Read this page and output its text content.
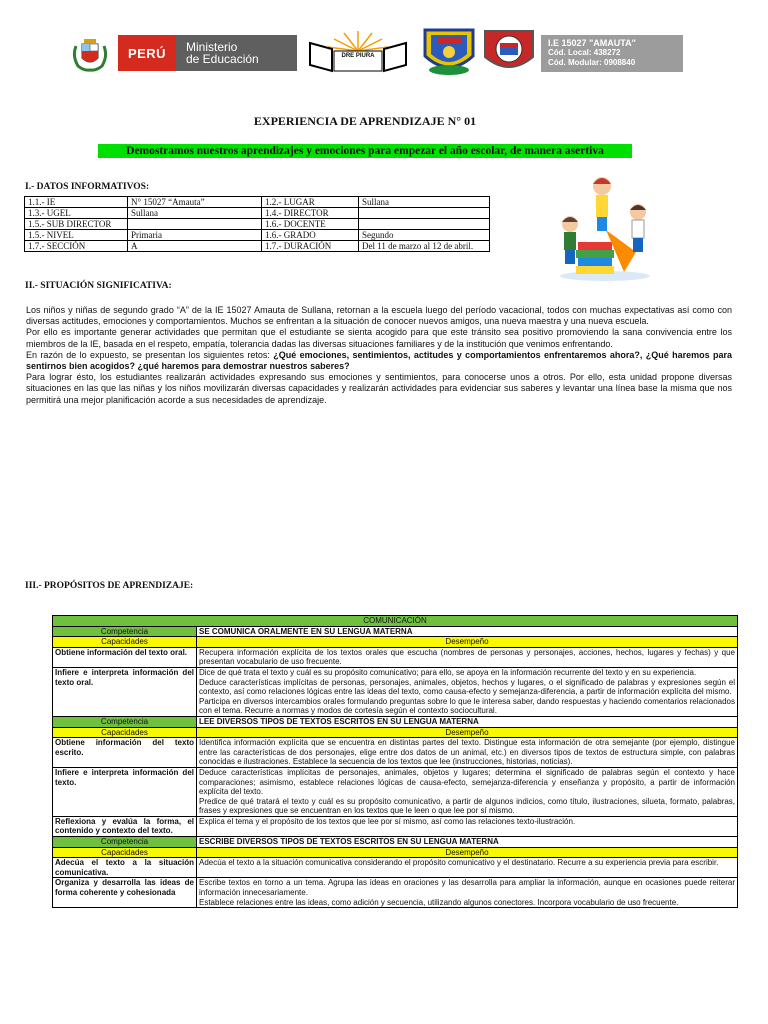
PERÚ	Ministerio
de Educación	DRE PIURA
I.E 15027 "AMAUTA"
Cód. Local: 438272
Cód. Modular: 0908840
EXPERIENCIA DE APRENDIZAJE N° 01
Demostramos nuestros aprendizajes y emociones para empezar el año escolar, de manera asertiva
I.- DATOS INFORMATIVOS:
1.1.- IE	N° 15027 “Amauta”	1.2.- LUGAR	Sullana
1.3.- UGEL	Sullana	1.4.- DIRECTOR	
1.5.- SUB DIRECTOR		1.6.- DOCENTE	
1.5.- NIVEL	Primaria	1.6.- GRADO	Segundo
1.7.- SECCIÓN	A	1.7.- DURACIÓN	Del 11 de marzo al 12 de abril.
II.- SITUACIÓN SIGNIFICATIVA:

Los niños y niñas de segundo grado “A” de la IE 15027 Amauta de Sullana, retornan a la escuela luego del período vacacional, todos con muchas expectativas así como con diversas actitudes, emociones y comportamientos. Muchos se enfrentan a la situación de conocer nuevos amigos, una nueva maestra y una nueva escuela.

Por ello es importante generar actividades que permitan que el estudiante se sienta acogido para que este tránsito sea positivo promoviendo la sana convivencia entre los miembros de la IE, basada en el respeto, empatía, tolerancia dadas las diversas situaciones familiares y de la institución que venimos enfrentando.

En razón de lo expuesto, se presentan los siguientes retos: ¿Qué emociones, sentimientos, actitudes y comportamientos enfrentaremos ahora?, ¿Qué haremos para sentirnos bien acogidos? ¿qué haremos para demostrar nuestros saberes?

Para lograr ésto, los estudiantes realizarán actividades expresando sus emociones y sentimientos, para conocerse unos a otros. Por ello, esta unidad propone diversas situaciones en las que las niñas y los niños movilizarán diversas capacidades y realizarán actividades para evidenciar sus saberes y levantar una línea base la misma que nos permitirá una mejor planificación acorde a sus necesidades de aprendizaje.

III.- PROPÓSITOS DE APRENDIZAJE:
COMUNICACIÓN	
Competencia	SE COMUNICA ORALMENTE EN SU LENGUA MATERNA
Capacidades	Desempeño
Obtiene información del texto oral.	Recupera información explícita de los textos orales que escucha (nombres de personas y personajes, acciones, hechos, lugares y fechas) y que presentan vocabulario de uso frecuente.

Infiere e interpreta información del texto oral.	Dice de qué trata el texto y cuál es su propósito comunicativo; para ello, se apoya en la información recurrente del texto y en su experiencia.
Deduce características implícitas de personas, personajes, animales, objetos, hechos y lugares, o el significado de palabras y expresiones según el contexto, así como relaciones lógicas entre las ideas del texto, como causa-efecto y semejanza-diferencia, a partir de información explícita del mismo.
Participa en diversos intercambios orales formulando preguntas sobre lo que le interesa saber, dando respuestas y haciendo comentarios relacionados con el tema. Recurre a normas y modos de cortesía según el contexto sociocultural.

Competencia	LEE DIVERSOS TIPOS DE TEXTOS ESCRITOS EN SU LENGUA MATERNA
Capacidades	Desempeño
Obtiene información del texto escrito.	Identifica información explícita que se encuentra en distintas partes del texto. Distingue esta información de otra semejante (por ejemplo, distingue entre las características de dos personajes, elige entre dos datos de un animal, etc.) en diversos tipos de textos de estructura simple, con palabras conocidas e ilustraciones. Establece la secuencia de los textos que lee (instrucciones, historias, noticias).

Infiere e interpreta información del texto.	Deduce características implícitas de personajes, animales, objetos y lugares; determina el significado de palabras según el contexto y hace comparaciones; asimismo, establece relaciones lógicas de causa-efecto, semejanza-diferencia y enseñanza y propósito, a partir de información explícita del texto.
Predice de qué tratará el texto y cuál es su propósito comunicativo, a partir de algunos indicios, como título, ilustraciones, silueta, formato, palabras, frases y expresiones que se encuentran en los textos que le leen o que lee por sí mismo.

Reflexiona y evalúa la forma, el contenido y contexto del texto.	Explica el tema y el propósito de los textos que lee por sí mismo, así como las relaciones texto-ilustración.

Competencia	ESCRIBE DIVERSOS TIPOS DE TEXTOS ESCRITOS EN SU LENGUA MATERNA
Capacidades	Desempeño
Adecúa el texto a la situación comunicativa.	Adecúa el texto a la situación comunicativa considerando el propósito comunicativo y el destinatario. Recurre a su experiencia previa para escribir.

Organiza y desarrolla las ideas de forma coherente y cohesionada	Escribe textos en torno a un tema. Agrupa las ideas en oraciones y las desarrolla para ampliar la información, aunque en ocasiones puede reiterar información innecesariamente.
Establece relaciones entre las ideas, como adición y secuencia, utilizando algunos conectores. Incorpora vocabulario de uso frecuente.
